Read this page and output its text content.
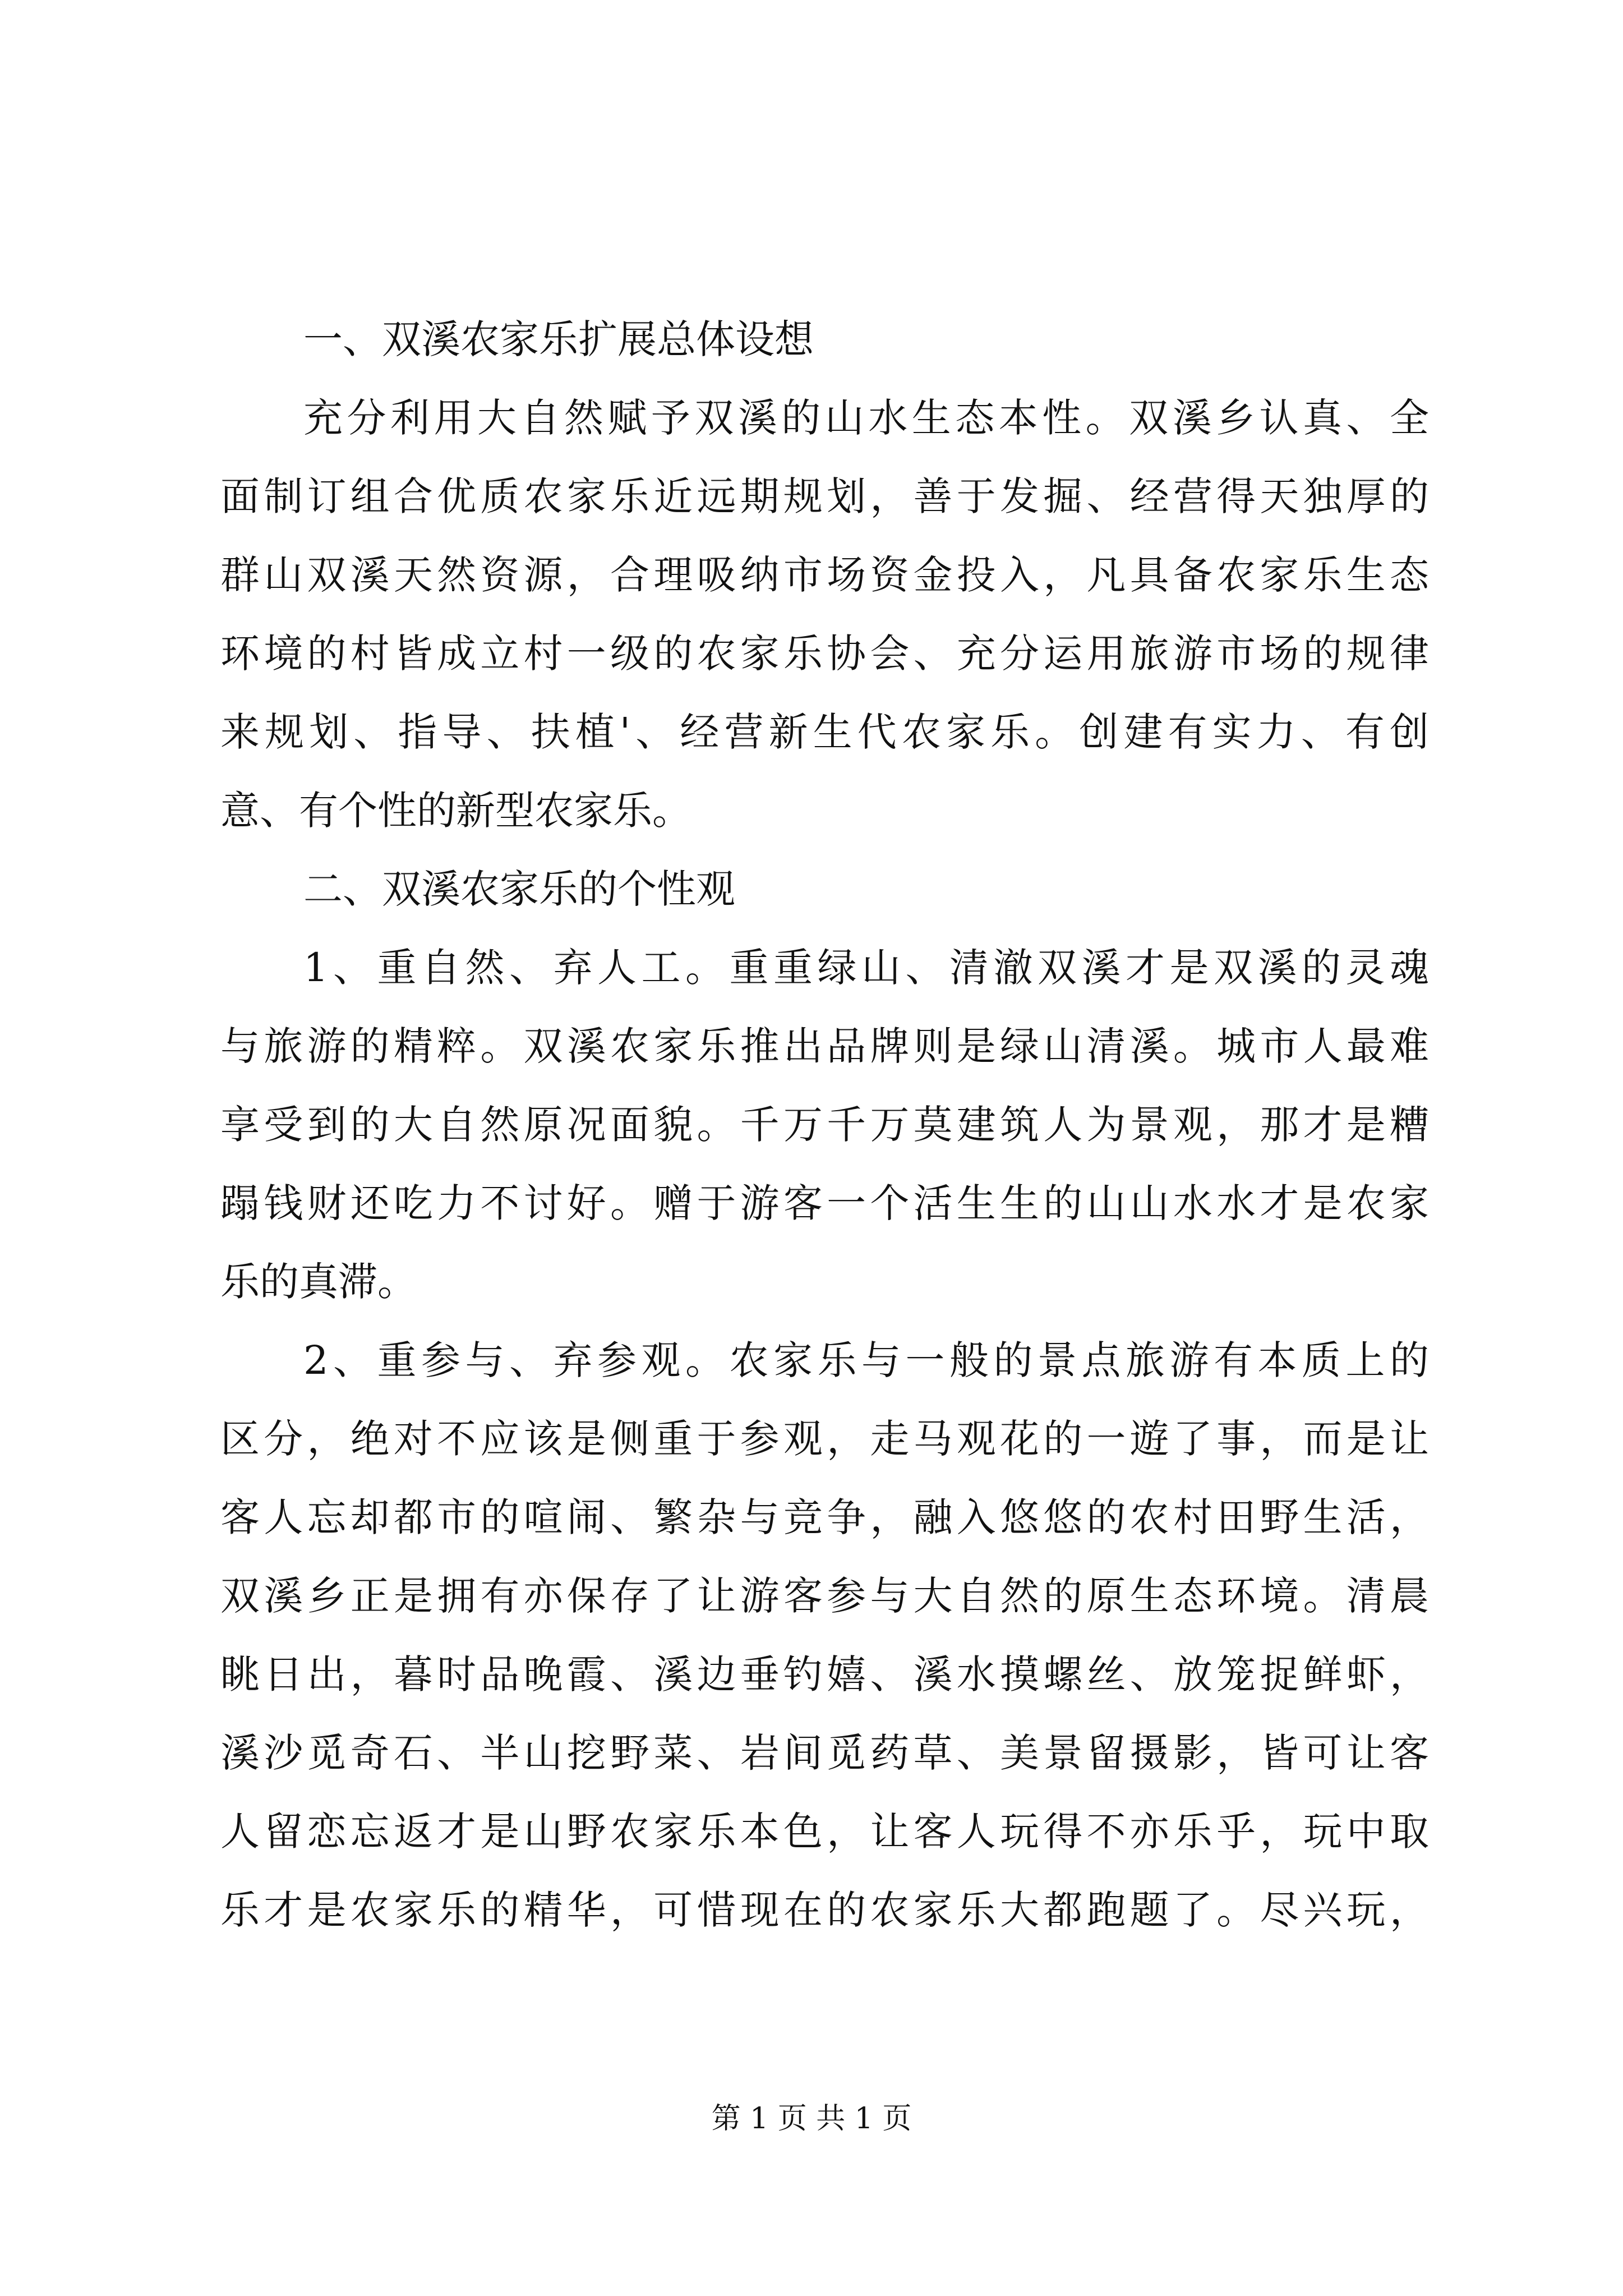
一、双溪农家乐扩展总体设想
充分利用大自然赋予双溪的山水生态本性。双溪乡认真、全
面制订组合优质农家乐近远期规划，善于发掘、经营得天独厚的
群山双溪天然资源，合理吸纳市场资金投入，凡具备农家乐生态
环境的村皆成立村一级的农家乐协会、充分运用旅游市场的规律
来规划、指导、扶植'、经营新生代农家乐。创建有实力、有创
意、有个性的新型农家乐。
二、双溪农家乐的个性观
1、重自然、弃人工。重重绿山、清澈双溪才是双溪的灵魂
与旅游的精粹。双溪农家乐推出品牌则是绿山清溪。城市人最难
享受到的大自然原况面貌。千万千万莫建筑人为景观，那才是糟
蹋钱财还吃力不讨好。赠于游客一个活生生的山山水水才是农家
乐的真滞。
2、重参与、弃参观。农家乐与一般的景点旅游有本质上的
区分，绝对不应该是侧重于参观，走马观花的一遊了事，而是让
客人忘却都市的喧闹、繁杂与竞争，融入悠悠的农村田野生活，
双溪乡正是拥有亦保存了让游客参与大自然的原生态环境。清晨
眺日出，暮时品晚霞、溪边垂钓嬉、溪水摸螺丝、放笼捉鲜虾，
溪沙觅奇石、半山挖野菜、岩间觅药草、美景留摄影，皆可让客
人留恋忘返才是山野农家乐本色，让客人玩得不亦乐乎，玩中取
乐才是农家乐的精华，可惜现在的农家乐大都跑题了。尽兴玩，
第 1 页 共 1 页
